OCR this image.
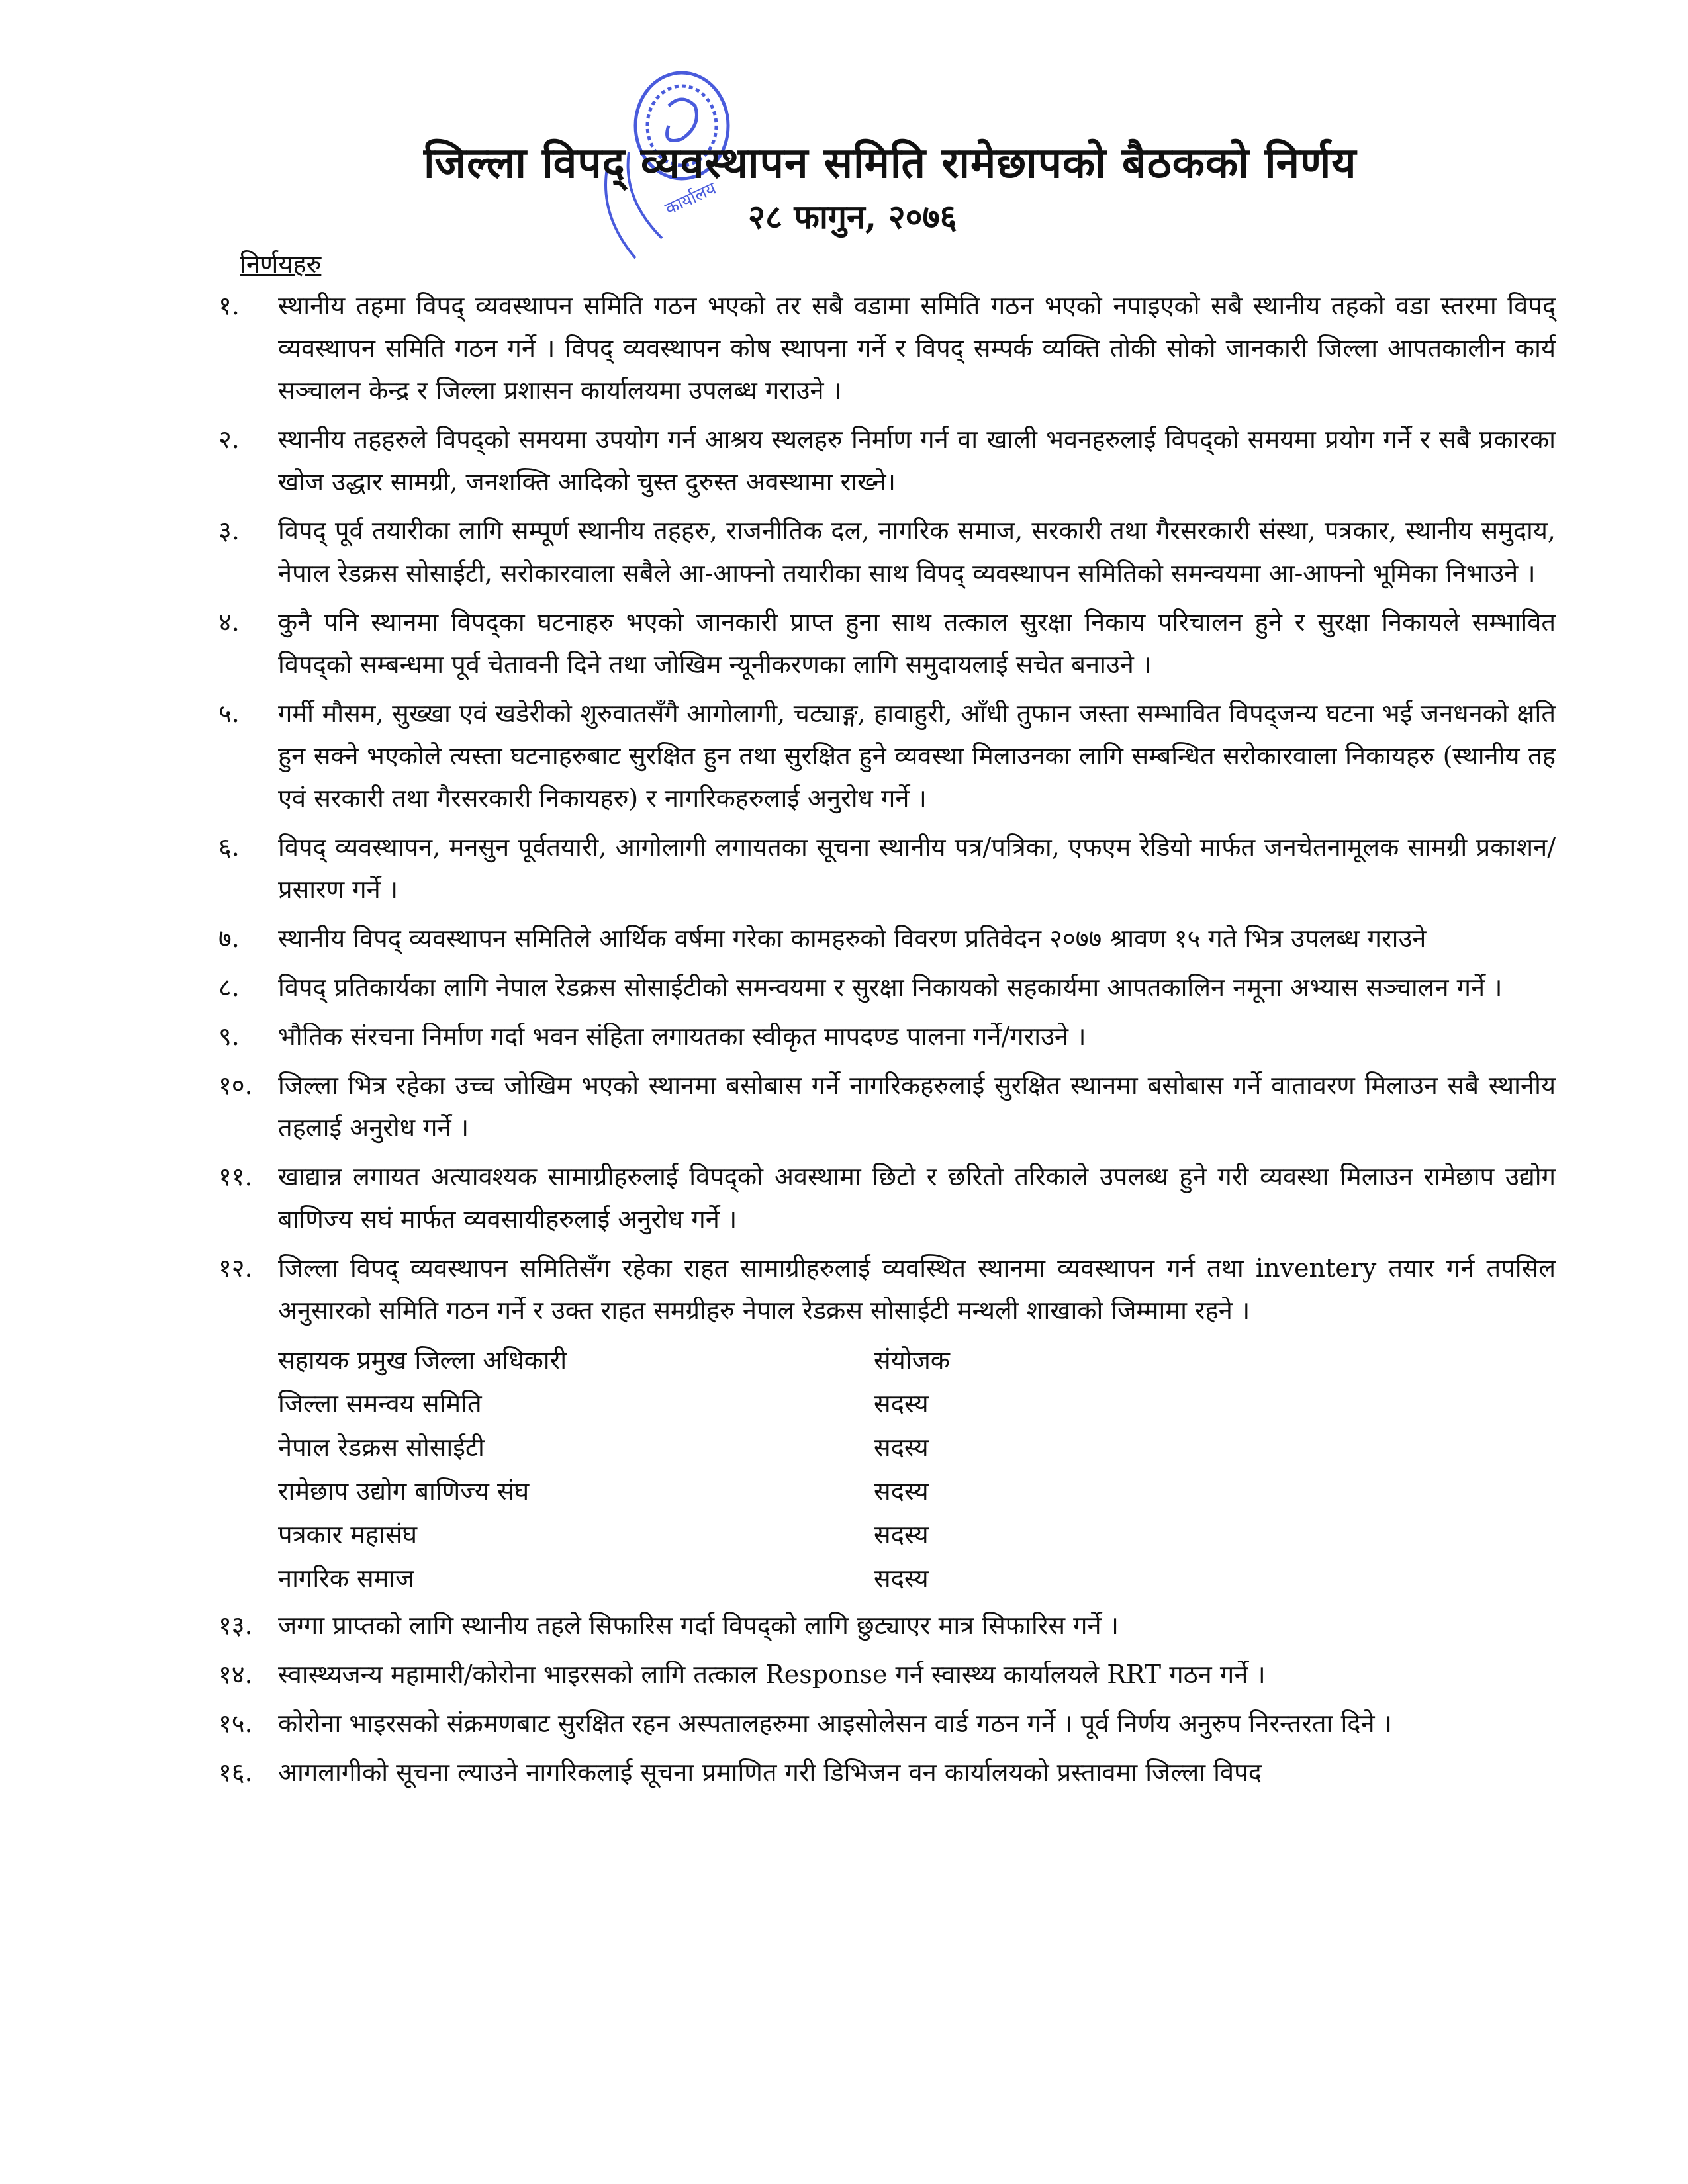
कार्यालय
जिल्ला विपद् व्यवस्थापन समिति रामेछापको बैठकको निर्णय
२८ फागुन, २०७६
निर्णयहरु
१.	स्थानीय तहमा विपद् व्यवस्थापन समिति गठन भएको तर सबै वडामा समिति गठन भएको नपाइएको सबै स्थानीय तहको वडा स्तरमा विपद् व्यवस्थापन समिति गठन गर्ने । विपद् व्यवस्थापन कोष स्थापना गर्ने र विपद् सम्पर्क व्यक्ति तोकी सोको जानकारी जिल्ला आपतकालीन कार्य सञ्चालन केन्द्र र जिल्ला प्रशासन कार्यालयमा उपलब्ध गराउने ।
२.	स्थानीय तहहरुले विपद्को समयमा उपयोग गर्न आश्रय स्थलहरु निर्माण गर्न वा खाली भवनहरुलाई विपद्को समयमा प्रयोग गर्ने र सबै प्रकारका खोज उद्धार सामग्री, जनशक्ति आदिको चुस्त दुरुस्त अवस्थामा राख्ने।
३.	विपद् पूर्व तयारीका लागि सम्पूर्ण स्थानीय तहहरु, राजनीतिक दल, नागरिक समाज, सरकारी तथा गैरसरकारी संस्था, पत्रकार, स्थानीय समुदाय, नेपाल रेडक्रस सोसाईटी, सरोकारवाला सबैले आ-आफ्नो तयारीका साथ विपद् व्यवस्थापन समितिको समन्वयमा आ-आफ्नो भूमिका निभाउने ।
४.	कुनै पनि स्थानमा विपद्का घटनाहरु भएको जानकारी प्राप्त हुना साथ तत्काल सुरक्षा निकाय परिचालन हुने र सुरक्षा निकायले सम्भावित विपद्को सम्बन्धमा पूर्व चेतावनी दिने तथा जोखिम न्यूनीकरणका लागि समुदायलाई सचेत बनाउने ।
५.	गर्मी मौसम, सुख्खा एवं खडेरीको शुरुवातसँगै आगोलागी, चट्याङ्ग, हावाहुरी, आँधी तुफान जस्ता सम्भावित विपद्जन्य घटना भई जनधनको क्षति हुन सक्ने भएकोले त्यस्ता घटनाहरुबाट सुरक्षित हुन तथा सुरक्षित हुने व्यवस्था मिलाउनका लागि सम्बन्धित सरोकारवाला निकायहरु (स्थानीय तह एवं सरकारी तथा गैरसरकारी निकायहरु) र नागरिकहरुलाई अनुरोध गर्ने ।
६.	विपद् व्यवस्थापन, मनसुन पूर्वतयारी, आगोलागी लगायतका सूचना स्थानीय पत्र/पत्रिका, एफएम रेडियो मार्फत जनचेतनामूलक सामग्री प्रकाशन/प्रसारण गर्ने ।
७.	स्थानीय विपद् व्यवस्थापन समितिले आर्थिक वर्षमा गरेका कामहरुको विवरण प्रतिवेदन २०७७ श्रावण १५ गते भित्र उपलब्ध गराउने
८.	विपद् प्रतिकार्यका लागि नेपाल रेडक्रस सोसाईटीको समन्वयमा र सुरक्षा निकायको सहकार्यमा आपतकालिन नमूना अभ्यास सञ्चालन गर्ने ।
९.	भौतिक संरचना निर्माण गर्दा भवन संहिता लगायतका स्वीकृत मापदण्ड पालना गर्ने/गराउने ।
१०.	जिल्ला भित्र रहेका उच्च जोखिम भएको स्थानमा बसोबास गर्ने नागरिकहरुलाई सुरक्षित स्थानमा बसोबास गर्ने वातावरण मिलाउन सबै स्थानीय तहलाई अनुरोध गर्ने ।
११.	खाद्यान्न लगायत अत्यावश्यक सामाग्रीहरुलाई विपद्को अवस्थामा छिटो र छरितो तरिकाले उपलब्ध हुने गरी व्यवस्था मिलाउन रामेछाप उद्योग बाणिज्य सघं मार्फत व्यवसायीहरुलाई अनुरोध गर्ने ।
१२.	जिल्ला विपद् व्यवस्थापन समितिसँग रहेका राहत सामाग्रीहरुलाई व्यवस्थित स्थानमा व्यवस्थापन गर्न तथा inventery तयार गर्न तपसिल अनुसारको समिति गठन गर्ने र उक्त राहत समग्रीहरु नेपाल रेडक्रस सोसाईटी मन्थली शाखाको जिम्मामा रहने ।
सहायक प्रमुख जिल्ला अधिकारी	संयोजक
जिल्ला समन्वय समिति	सदस्य
नेपाल रेडक्रस सोसाईटी	सदस्य
रामेछाप उद्योग बाणिज्य संघ	सदस्य
पत्रकार महासंघ	सदस्य
नागरिक समाज	सदस्य
१३.	जग्गा प्राप्तको लागि स्थानीय तहले सिफारिस गर्दा विपद्को लागि छुट्याएर मात्र सिफारिस गर्ने ।
१४.	स्वास्थ्यजन्य महामारी/कोरोना भाइरसको लागि तत्काल Response गर्न स्वास्थ्य कार्यालयले RRT गठन गर्ने ।
१५.	कोरोना भाइरसको संक्रमणबाट सुरक्षित रहन अस्पतालहरुमा आइसोलेसन वार्ड गठन गर्ने । पूर्व निर्णय अनुरुप निरन्तरता दिने ।
१६.	आगलागीको सूचना ल्याउने नागरिकलाई सूचना प्रमाणित गरी डिभिजन वन कार्यालयको प्रस्तावमा जिल्ला विपद
